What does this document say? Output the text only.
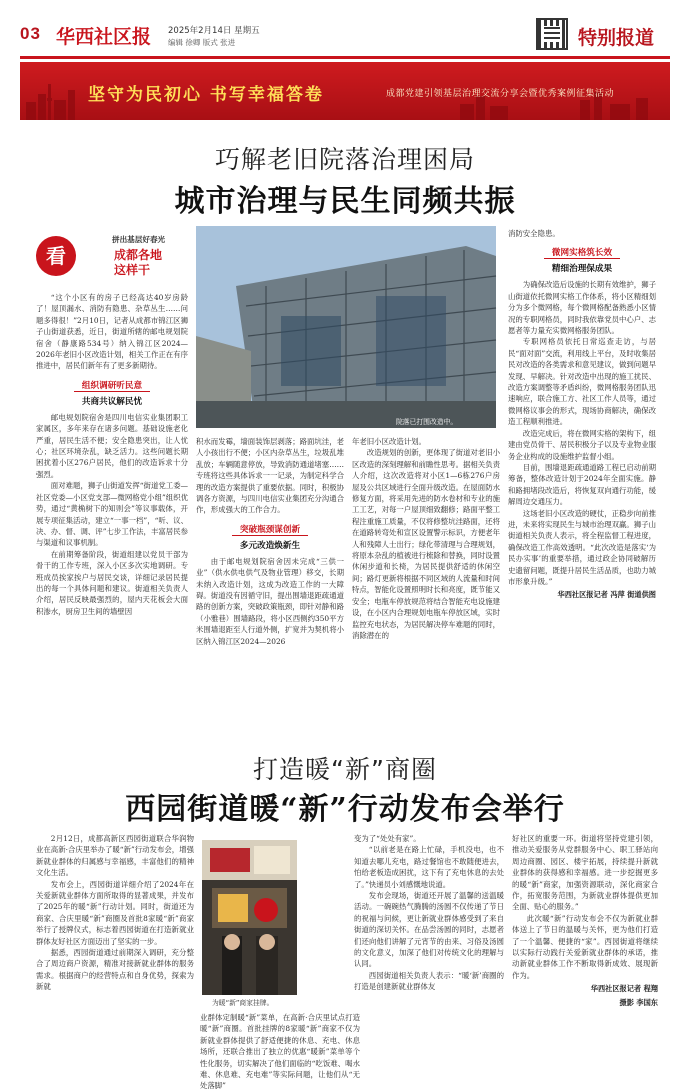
03 华西社区报 2025年2月14日 星期五
编辑 徐卿 版式 张进	特别报道
坚守为民初心 书写幸福答卷	成都党建引领基层治理交流分享会暨优秀案例征集活动
巧解老旧院落治理困局
城市治理与民生同频共振
看
拼出基层好春光
成都各地
这样干
院落已打围改造中。

“这个小区有的房子已经高达40岁房龄了！屋顶漏水、消防有隐患、杂草丛生……问题多得很！”2月10日，记者从成都市锦江区狮子山街道获悉，近日，街道所辖的邮电规划院宿舍（静康路534号）纳入锦江区2024—2026年老旧小区改造计划，相关工作正在有序推进中，居民们新年有了更多新期待。

组织调研听民意
共商共议解民忧

邮电规划院宿舍是四川电信实业集团职工家属区，多年来存在诸多问题。基础设施老化严重，居民生活不便；安全隐患突出，让人忧心；社区环境杂乱，缺乏活力。这些问题长期困扰着小区276户居民，他们的改造诉求十分强烈。

面对难题，狮子山街道发挥“街道党工委—社区党委—小区党支部—微网格党小组”组织优势，通过“黄桷树下的知则会”等议事载体，开展专项征集活动，建立“一事一档”，“听、议、决、办、督、调、评”七步工作法，丰富居民参与渠道和议事机制。

在前期筹备阶段，街道组建以党员干部为骨干的工作专班，深入小区多次实地调研。专班成员挨家挨户与居民交谈，详细记录居民提出的每一个具体问题和建议。街道相关负责人介绍，居民反映最强烈的，屋内天花板会大面积渗水，厨房卫生间的墙壁因

积水而发霉，墙面装饰层剥落；路面坑洼，老人小孩出行不便；小区内杂草丛生，垃圾乱堆乱放；车辆随意停放，导致消防通道堵塞……专班将这些具体诉求一一记录，为制定科学合理的改造方案提供了重要依据。同时，积极协调各方资源，与四川电信实业集团充分沟通合作，形成强大的工作合力。

突破瓶颈谋创新
多元改造焕新生

由于邮电规划院宿舍因未完成“三供一业”（供水供电供气及物业管理）移交，长期未纳入改造计划，这成为改造工作的一大障碍。街道没有因循守旧，提出围墙退距疏通道路的创新方案，突破政策瓶颈，即针对静和路（小雅巷）围墙路段，将小区西侧约350平方米围墙退距至人行道外侧，扩宽并为契机将小区纳入锦江区2024—2026

年老旧小区改造计划。

改造规划的创新，更体现了街道对老旧小区改造的深刻理解和前瞻性思考。据相关负责人介绍，这次改造将对小区1—6栋276户房屋及公共区域进行全面升级改造。在屋面防水修复方面，将采用先进的防水卷材和专业的施工工艺，对每一户屋顶细致翻修；路面平整工程注重施工质量，不仅将修整坑洼路面，还将在道路转弯处和宣区设置警示标识，方便老年人和残障人士出行；绿化带清理与合理规划，将原本杂乱的植被进行梳除和替换，同时设置休闲步道和长椅，为居民提供舒适的休闲空间；路灯更新将根据不同区域的人流量和时间特点，智能化设置照明时长和亮度，既节能又安全；电瓶车停放规范将结合智能充电设施建设，在小区内合理规划电瓶车停放区域，实时监控充电状态，为居民解决停车难题的同时，消除潜在的

消防安全隐患。

微网实格筑长效
精细治理保成果

为确保改造后设施的长期有效维护，狮子山街道依托微网实格工作体系，将小区精细划分为多个微网格，每个微网格配备熟悉小区情况的专职网格员，同时我依靠党员中心户、志愿者等力量充实微网格服务团队。

专职网格员依托日常巡查走访，与居民“面对面”交流，利用线上平台，及时收集居民对改造的各类需求和意见建议，做到问题早发现、早解决。针对改造中出现的施工扰民、改造方案调整等矛盾纠纷，微网格服务团队迅速响应，联合施工方、社区工作人员等，通过微网格议事会的形式，现场协商解决，确保改造工程顺利推进。

改造完成后，将在微网实格的架构下，组建由党员骨干、居民积极分子以及专业物业服务企业构成的设施维护监督小组。

目前，围墙退距疏通道路工程已启动前期筹备，整体改造计划于2024年全面实施。静和路拥堵段改造后，将恢复双向通行功能，缓解周边交通压力。

这场老旧小区改造的硬仗，正稳步向前推进，未来将实现民生与城市治理双赢。狮子山街道相关负责人表示，将全程监督工程进度，确保改造工作高效透明。“此次改造是落实‘为民办实事’的重要举措，通过政企协同破解历史遗留问题，既提升居民生活品质，也助力城市形象升级。”

华西社区报记者 冯萍 街道供图
打造暖“新”商圈
西园街道暖“新”行动发布会举行
为暖“新”商家挂牌。

2月12日，成都高新区西园街道联合华润物业在高新·合庆里举办了暖“新”行动发布会，增强新就业群体的归属感与幸福感，丰富他们的精神文化生活。

发布会上，西园街道详细介绍了2024年在关爱新就业群体方面所取得的显著成果，并发布了2025年的暖“新”行动计划。同时，街道还为商家、合庆里暖“新”商圈及首批8家暖“新”商家举行了授牌仪式，标志着西园街道在打造新就业群体友好社区方面迈出了坚实的一步。

据悉，西园街道通过前期深入调研，充分整合了周边商户资源，精准对接新就业群体的服务需求。根据商户的经营特点和自身优势，探索为新就

业群体定制暖“新”菜单，在高新·合庆里试点打造暖“新”商圈。首批挂牌的8家暖“新”商家不仅为新就业群体提供了舒适便捷的休息、充电、休息场所，还联合推出了独立的优惠“暖新”菜单等个性化服务，切实解决了他们面临的“吃饭难、喝水难、休息难、充电难”等实际问题，让他们从“无处落脚”

变为了“处处有家”。

“以前老是在路上忙碌，手机没电，也不知道去哪儿充电，路过餐馆也不敢随便进去，怕给老板造成困扰，这下有了充电休息的去处了。”快递员小刘感慨地说道。

发布会现场，街道还开展了温馨的送温暖活动。一碗碗热气腾腾的汤圆不仅传递了节日的祝福与问候，更让新就业群体感受到了来自街道的深切关怀。在品尝汤圆的同时，志愿者们还向他们讲解了元宵节的由来、习俗及汤圆的文化意义，加深了他们对传统文化的理解与认同。

西园街道相关负责人表示：“暖‘新’商圈的打造是创建新就业群体友

好社区的重要一环。街道将坚持党建引领，推动关爱服务从党群服务中心、职工驿站向周边商圈、园区、楼宇拓展，持续提升新就业群体的获得感和幸福感。进一步挖掘更多的暖“新”商家，加强资源联动，深化商家合作，拓宽服务范围，为新就业群体提供更加全面、贴心的服务。”

此次暖“新”行动发布会不仅为新就业群体送上了节日的温暖与关怀，更为他们打造了一个温馨、便捷的“家”。西园街道将继续以实际行动践行关爱新就业群体的承诺，推动新就业群体工作不断取得新成效、展现新作为。

华西社区报记者 程翔
摄影 李国东
